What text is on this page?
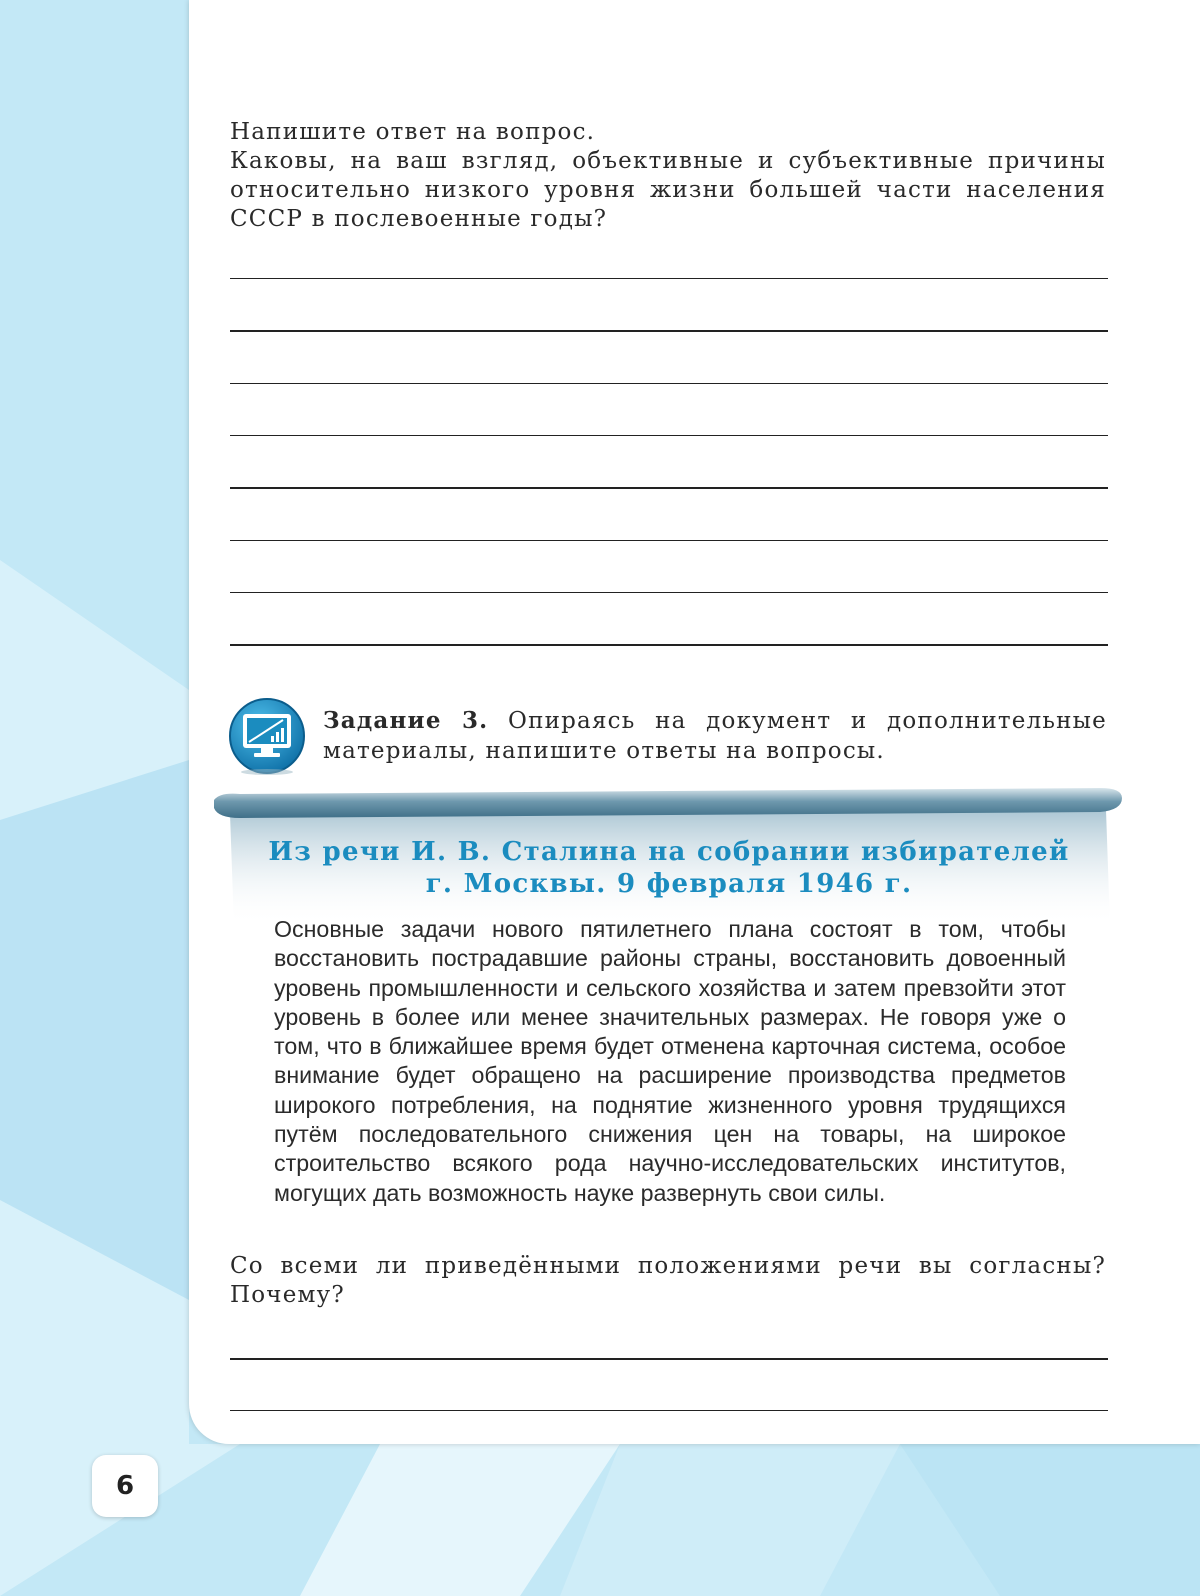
Напишите ответ на вопрос.
Каковы, на ваш взгляд, объективные и субъективные причины относительно низкого уровня жизни большей части населения СССР в послевоенные годы?
Задание 3. Опираясь на документ и дополнительные материалы, напишите ответы на вопросы.
Из речи И. В. Сталина на собрании избирателей
г. Москвы. 9 февраля 1946 г.
Основные задачи нового пятилетнего плана состоят в том, чтобы восстановить пострадавшие районы страны, восстановить довоенный уровень промышленности и сельского хозяйства и затем превзойти этот уровень в более или менее значительных размерах. Не говоря уже о том, что в ближайшее время будет отменена карточная система, особое внимание будет обращено на расширение производства предметов широкого потребления, на поднятие жизненного уровня трудящихся путём последовательного снижения цен на товары, на широкое строительство всякого рода научно-исследовательских институтов, могущих дать возможность науке развернуть свои силы.
Со всеми ли приведёнными положениями речи вы согласны? Почему?
6
